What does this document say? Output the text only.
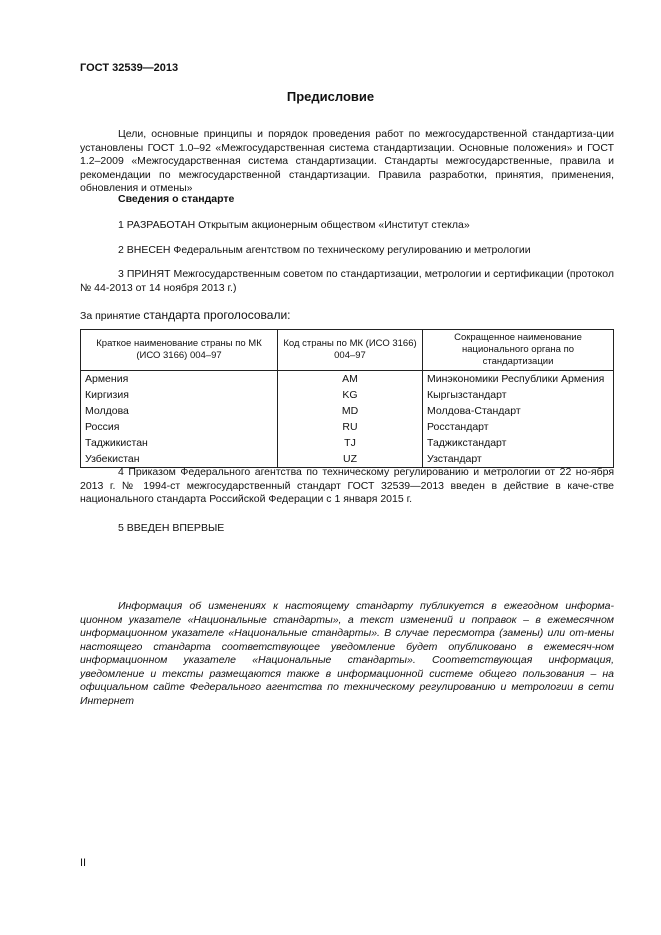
ГОСТ 32539—2013
Предисловие
Цели, основные принципы и порядок проведения работ по межгосударственной стандартиза-ции установлены ГОСТ 1.0–92 «Межгосударственная система стандартизации. Основные положения» и ГОСТ 1.2–2009 «Межгосударственная система стандартизации. Стандарты межгосударственные, правила и рекомендации по межгосударственной стандартизации. Правила разработки, принятия, применения, обновления и отмены»
Сведения о стандарте
1 РАЗРАБОТАН Открытым акционерным обществом «Институт стекла»
2 ВНЕСЕН Федеральным агентством по техническому регулированию и метрологии
3 ПРИНЯТ Межгосударственным советом по стандартизации, метрологии и сертификации (протокол № 44-2013 от 14 ноября 2013 г.)
За принятие стандарта проголосовали:
Краткое наименование страны по МК (ИСО 3166) 004–97	Код страны по МК (ИСО 3166) 004–97	Сокращенное наименование национального органа по стандартизации
Армения	AM	Минэкономики Республики Армения
Киргизия	KG	Кыргызстандарт
Молдова	MD	Молдова-Стандарт
Россия	RU	Росстандарт
Таджикистан	TJ	Таджикстандарт
Узбекистан	UZ	Узстандарт
4 Приказом Федерального агентства по техническому регулированию и метрологии от 22 но-ября 2013 г. № 1994-ст межгосударственный стандарт ГОСТ 32539—2013 введен в действие в каче-стве национального стандарта Российской Федерации с 1 января 2015 г.
5 ВВЕДЕН ВПЕРВЫЕ
Информация об изменениях к настоящему стандарту публикуется в ежегодном информа-ционном указателе «Национальные стандарты», а текст изменений и поправок – в ежемесячном информационном указателе «Национальные стандарты». В случае пересмотра (замены) или от-мены настоящего стандарта соответствующее уведомление будет опубликовано в ежемесяч-ном информационном указателе «Национальные стандарты». Соответствующая информация, уведомление и тексты размещаются также в информационной системе общего пользования – на официальном сайте Федерального агентства по техническому регулированию и метрологии в сети Интернет
II
